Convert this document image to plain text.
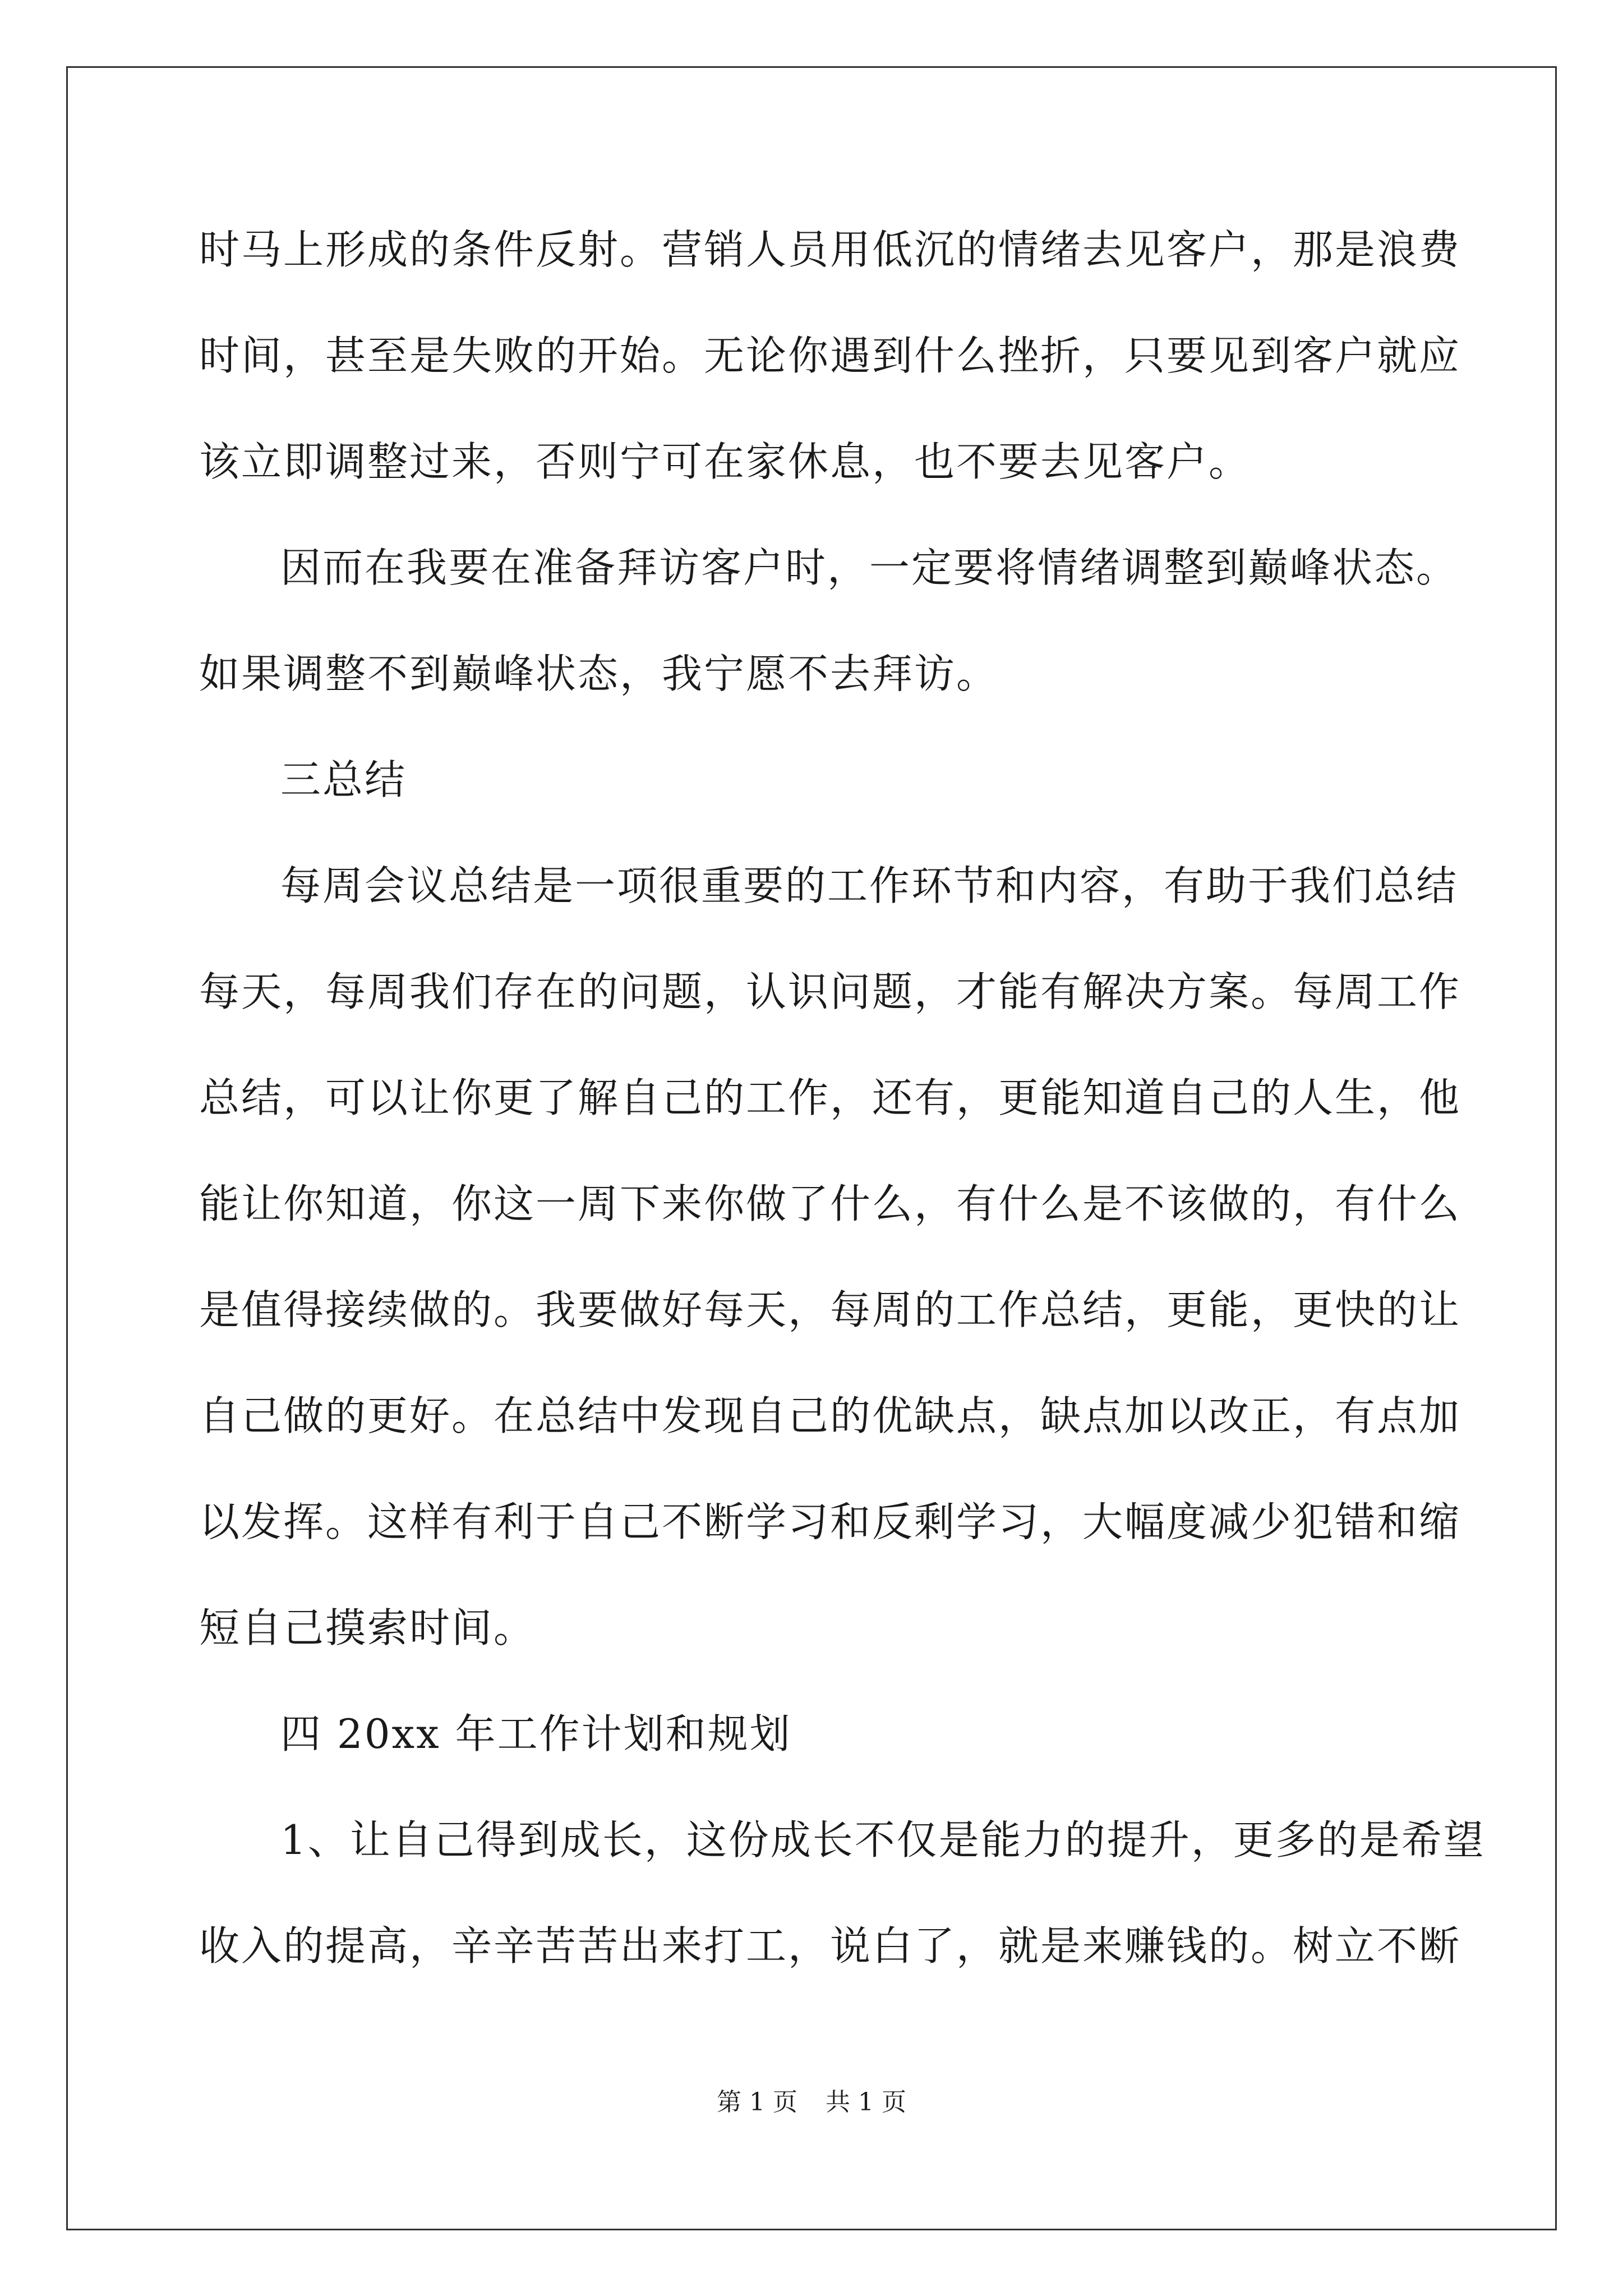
时马上形成的条件反射。营销人员用低沉的情绪去见客户，那是浪费
时间，甚至是失败的开始。无论你遇到什么挫折，只要见到客户就应
该立即调整过来，否则宁可在家休息，也不要去见客户。
因而在我要在准备拜访客户时，一定要将情绪调整到巅峰状态。
如果调整不到巅峰状态，我宁愿不去拜访。
三总结
每周会议总结是一项很重要的工作环节和内容，有助于我们总结
每天，每周我们存在的问题，认识问题，才能有解决方案。每周工作
总结，可以让你更了解自己的工作，还有，更能知道自己的人生，他
能让你知道，你这一周下来你做了什么，有什么是不该做的，有什么
是值得接续做的。我要做好每天，每周的工作总结，更能，更快的让
自己做的更好。在总结中发现自己的优缺点，缺点加以改正，有点加
以发挥。这样有利于自己不断学习和反剩学习，大幅度减少犯错和缩
短自己摸索时间。
四 20xx 年工作计划和规划
1、让自己得到成长，这份成长不仅是能力的提升，更多的是希望
收入的提高，辛辛苦苦出来打工，说白了，就是来赚钱的。树立不断
第 1 页 共 1 页
